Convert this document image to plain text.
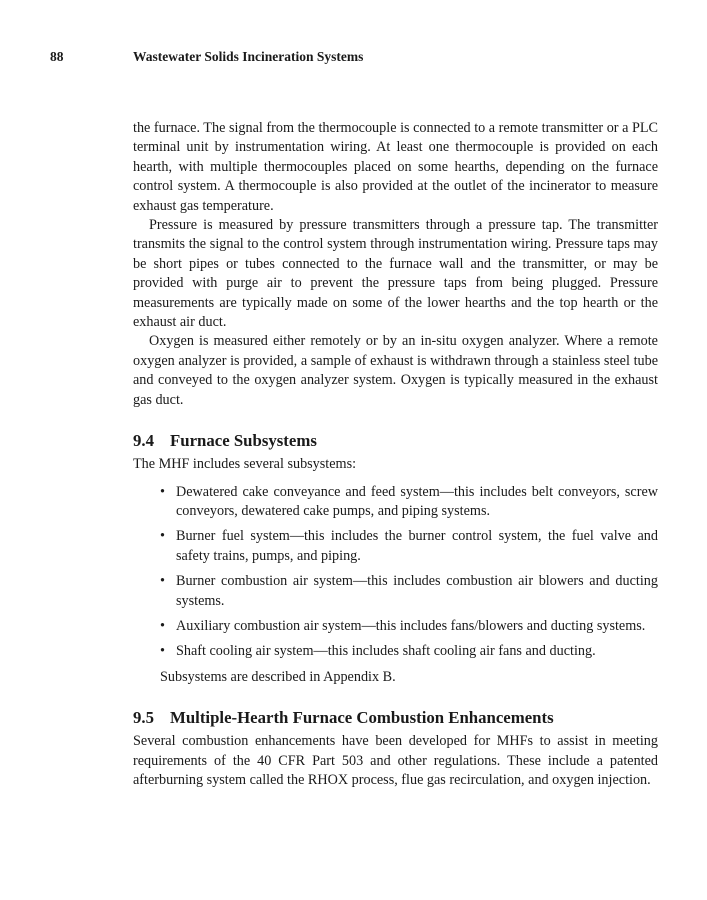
88	Wastewater Solids Incineration Systems

the furnace. The signal from the thermocouple is connected to a remote transmitter or a PLC terminal unit by instrumentation wiring. At least one thermocouple is provided on each hearth, with multiple thermocouples placed on some hearths, depending on the furnace control system. A thermocouple is also provided at the outlet of the incinerator to measure exhaust gas temperature.

Pressure is measured by pressure transmitters through a pressure tap. The transmitter transmits the signal to the control system through instrumentation wiring. Pressure taps may be short pipes or tubes connected to the furnace wall and the transmitter, or may be provided with purge air to prevent the pressure taps from being plugged. Pressure measurements are typically made on some of the lower hearths and the top hearth or the exhaust air duct.

Oxygen is measured either remotely or by an in-situ oxygen analyzer. Where a remote oxygen analyzer is provided, a sample of exhaust is withdrawn through a stainless steel tube and conveyed to the oxygen analyzer system. Oxygen is typically measured in the exhaust gas duct.

9.4 Furnace Subsystems

The MHF includes several subsystems:

• Dewatered cake conveyance and feed system—this includes belt conveyors, screw conveyors, dewatered cake pumps, and piping systems.
• Burner fuel system—this includes the burner control system, the fuel valve and safety trains, pumps, and piping.
• Burner combustion air system—this includes combustion air blowers and ducting systems.
• Auxiliary combustion air system—this includes fans/blowers and ducting systems.
• Shaft cooling air system—this includes shaft cooling air fans and ducting.

Subsystems are described in Appendix B.

9.5 Multiple-Hearth Furnace Combustion Enhancements

Several combustion enhancements have been developed for MHFs to assist in meeting requirements of the 40 CFR Part 503 and other regulations. These include a patented afterburning system called the RHOX process, flue gas recirculation, and oxygen injection.
